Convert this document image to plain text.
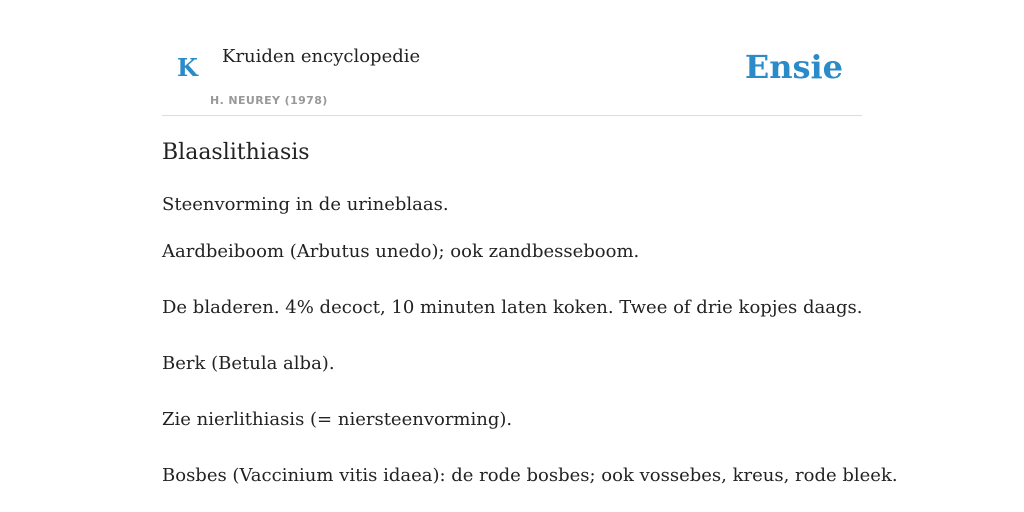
K Kruiden encyclopedie
H. NEUREY (1978)
Ensie
Blaaslithiasis

Steenvorming in de urineblaas.

Aardbeiboom (Arbutus unedo); ook zandbesseboom.

De bladeren. 4% decoct, 10 minuten laten koken. Twee of drie kopjes daags.

Berk (Betula alba).

Zie nierlithiasis (= niersteenvorming).

Bosbes (Vaccinium vitis idaea): de rode bosbes; ook vossebes, kreus, rode bleek.
